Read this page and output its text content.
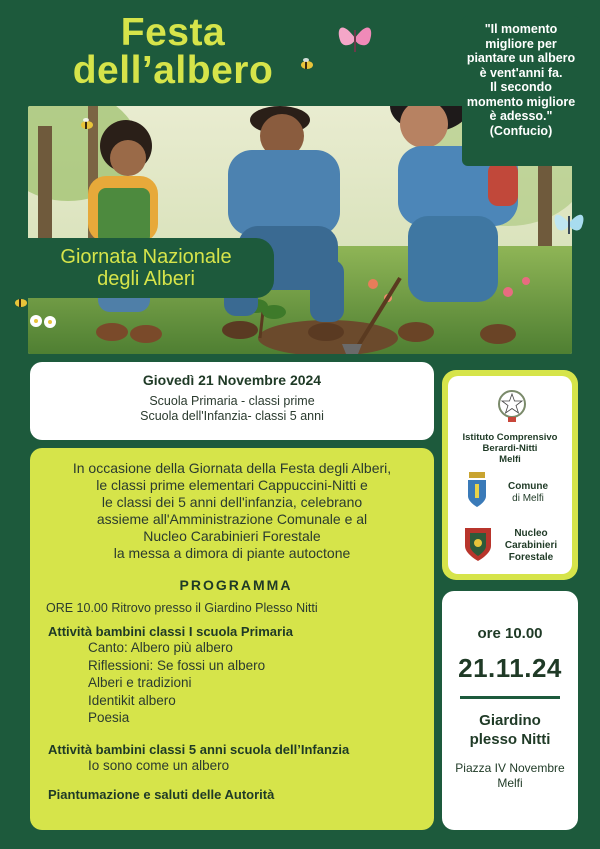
Festa
dell’albero
"Il momento
migliore per
piantare un albero
è vent'anni fa.
Il secondo
momento migliore
è adesso."
(Confucio)
Giornata Nazionale
degli Alberi
Giovedì 21 Novembre 2024
Scuola Primaria - classi prime
Scuola dell'Infanzia- classi 5 anni
In occasione della Giornata della Festa degli Alberi,
le classi prime elementari Cappuccini-Nitti e
le classi dei 5 anni dell'infanzia, celebrano
assieme all'Amministrazione Comunale e al
Nucleo Carabinieri Forestale
la messa a dimora di piante autoctone
PROGRAMMA
ORE 10.00 Ritrovo presso il Giardino Plesso Nitti
Attività bambini classi I scuola Primaria
Canto: Albero più albero
Riflessioni: Se fossi un albero
Alberi e tradizioni
Identikit albero
Poesia
Attività bambini classi 5 anni scuola dell’Infanzia
Io sono come un albero
Piantumazione e saluti delle Autorità
Istituto Comprensivo
Berardi-Nitti
Melfi
Comune
di Melfi
Nucleo
Carabinieri
Forestale
ore 10.00
21.11.24
Giardino
plesso Nitti
Piazza IV Novembre
Melfi
